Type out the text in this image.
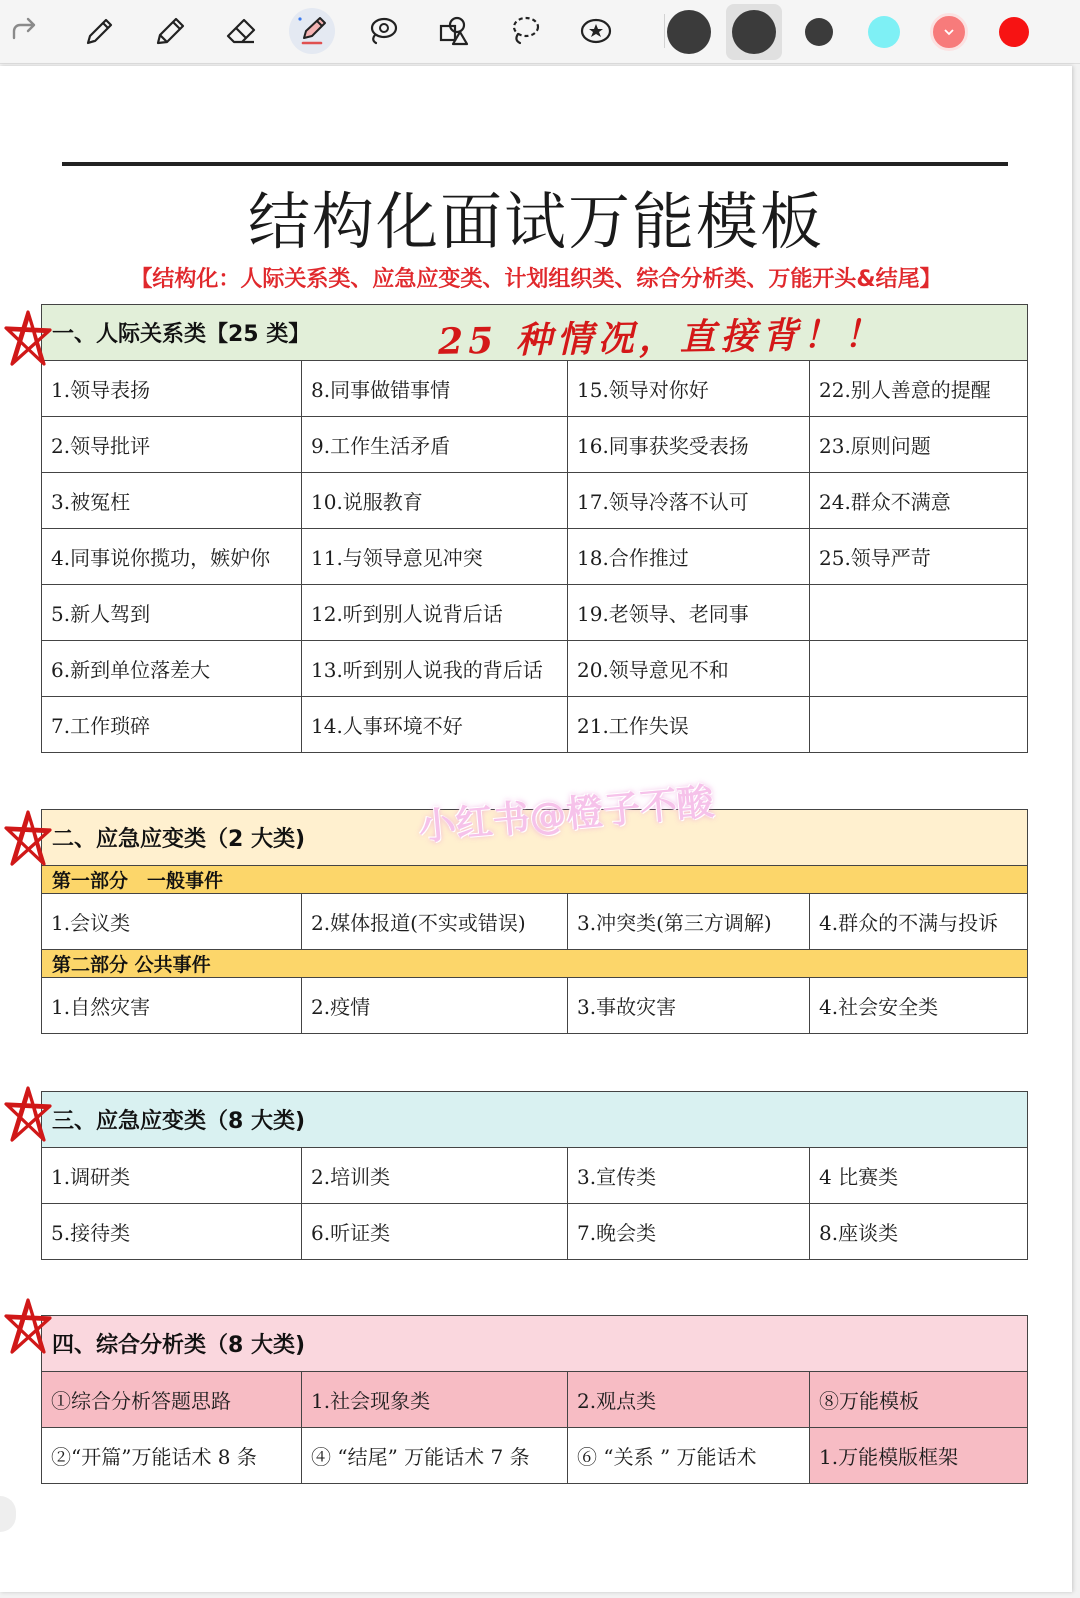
结构化面试万能模板
【结构化：人际关系类、应急应变类、计划组织类、综合分析类、万能开头&结尾】
一、人际关系类【25 类】			
1.领导表扬	8.同事做错事情	15.领导对你好	22.别人善意的提醒
2.领导批评	9.工作生活矛盾	16.同事获奖受表扬	23.原则问题
3.被冤枉	10.说服教育	17.领导冷落不认可	24.群众不满意
4.同事说你揽功，嫉妒你	11.与领导意见冲突	18.合作推过	25.领导严苛
5.新人驾到	12.听到别人说背后话	19.老领导、老同事	
6.新到单位落差大	13.听到别人说我的背后话	20.领导意见不和	
7.工作琐碎	14.人事环境不好	21.工作失误	
二、应急应变类（2 大类)			
第一部分　一般事件			
1.会议类	2.媒体报道(不实或错误)	3.冲突类(第三方调解)	4.群众的不满与投诉
第二部分 公共事件			
1.自然灾害	2.疫情	3.事故灾害	4.社会安全类
三、应急应变类（8 大类)			
1.调研类	2.培训类	3.宣传类	4 比赛类
5.接待类	6.听证类	7.晚会类	8.座谈类
四、综合分析类（8 大类)			
①综合分析答题思路	1.社会现象类	2.观点类	⑧万能模板
②“开篇”万能话术 8 条	④ “结尾” 万能话术 7 条	⑥ “关系 ” 万能话术	1.万能模版框架
25 种情况，直接背！！
小红书@橙子不酸
